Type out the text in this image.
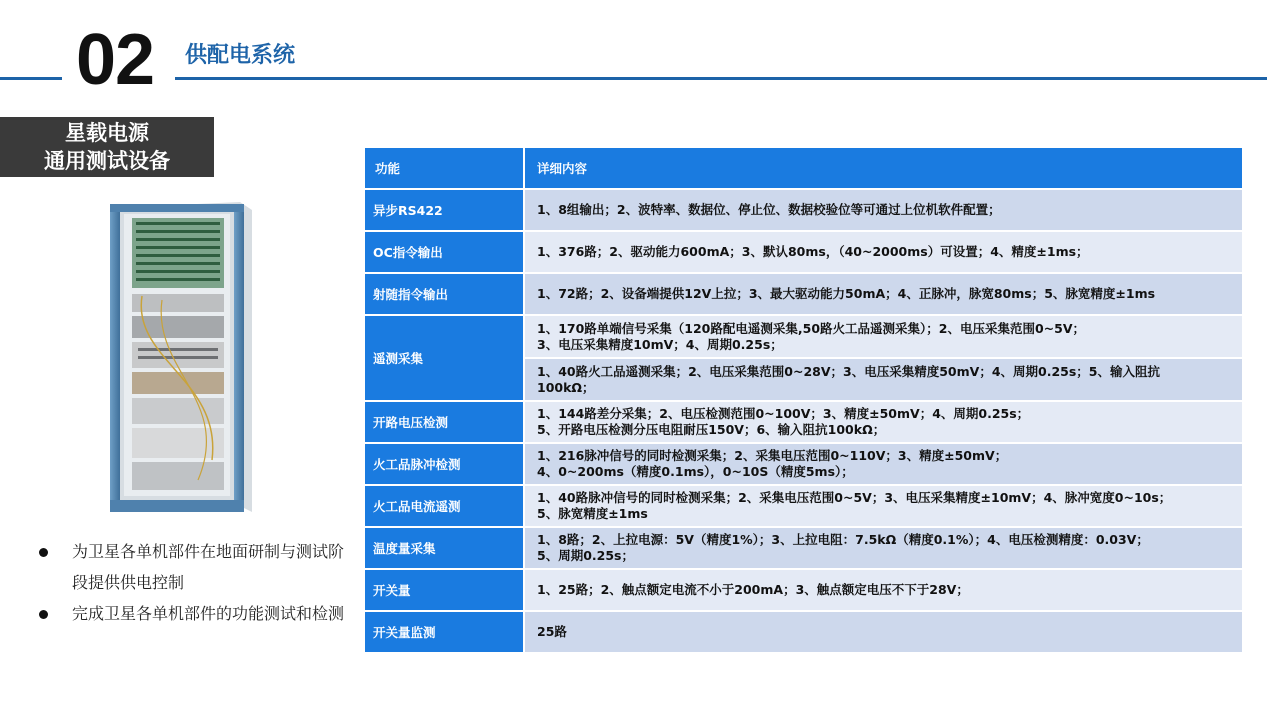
02 供配电系统
星载电源
通用测试设备
为卫星各单机部件在地面研制与测试阶段提供供电控制
完成卫星各单机部件的功能测试和检测
功能	详细内容
异步RS422	1、8组输出；2、波特率、数据位、停止位、数据校验位等可通过上位机软件配置；

OC指令输出	1、376路；2、驱动能力600mA；3、默认80ms，（40~2000ms）可设置；4、精度±1ms；

射随指令输出	1、72路；2、设备端提供12V上拉；3、最大驱动能力50mA；4、正脉冲，脉宽80ms；5、脉宽精度±1ms

遥测采集	1、170路单端信号采集（120路配电遥测采集,50路火工品遥测采集）；2、电压采集范围0~5V；
3、电压采集精度10mV；4、周期0.25s；

	1、40路火工品遥测采集；2、电压采集范围0~28V；3、电压采集精度50mV；4、周期0.25s；5、输入阻抗
100kΩ；

开路电压检测	1、144路差分采集；2、电压检测范围0~100V；3、精度±50mV；4、周期0.25s；
5、开路电压检测分压电阻耐压150V；6、输入阻抗100kΩ；

火工品脉冲检测	1、216脉冲信号的同时检测采集；2、采集电压范围0~110V；3、精度±50mV；
4、0~200ms（精度0.1ms），0~10S（精度5ms）；

火工品电流遥测	1、40路脉冲信号的同时检测采集；2、采集电压范围0~5V；3、电压采集精度±10mV；4、脉冲宽度0~10s；
5、脉宽精度±1ms

温度量采集	1、8路；2、上拉电源：5V（精度1%）；3、上拉电阻：7.5kΩ（精度0.1%）；4、电压检测精度：0.03V；
5、周期0.25s；

开关量	1、25路；2、触点额定电流不小于200mA；3、触点额定电压不下于28V；

开关量监测	25路
